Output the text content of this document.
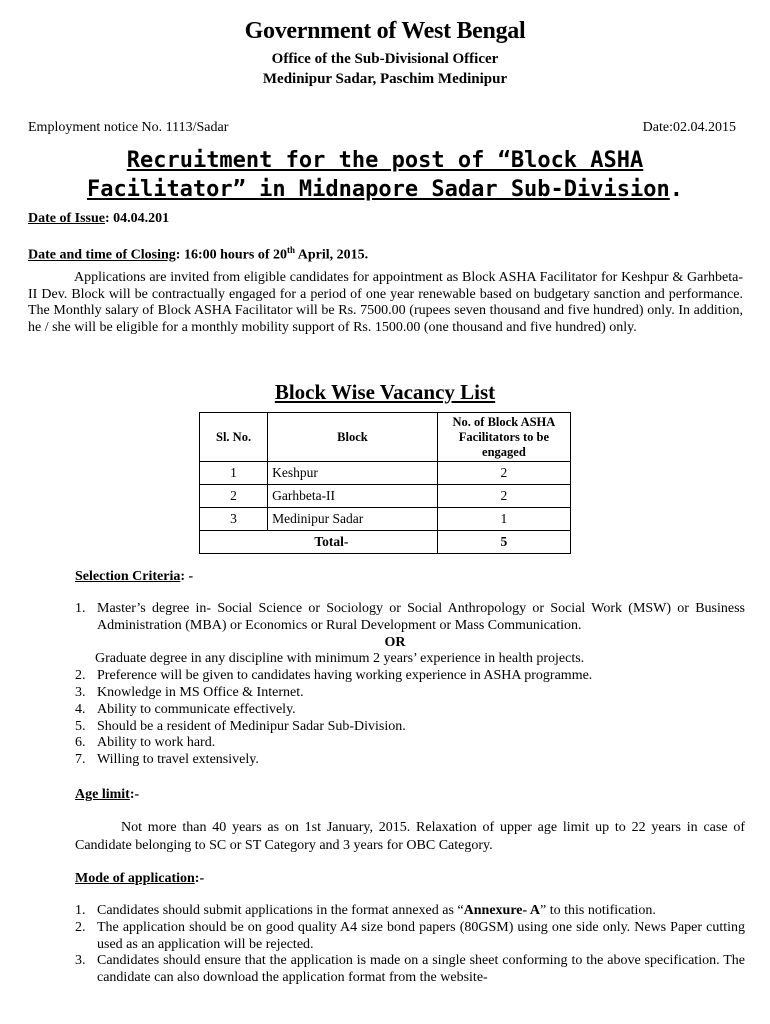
Government of West Bengal
Office of the Sub-Divisional Officer
Medinipur Sadar, Paschim Medinipur
Employment notice No. 1113/Sadar	Date:02.04.2015
Recruitment for the post of “Block ASHA
Facilitator” in Midnapore Sadar Sub-Division.
Date of Issue: 04.04.201
Date and time of Closing: 16:00 hours of 20th April, 2015.

Applications are invited from eligible candidates for appointment as Block ASHA Facilitator for Keshpur & Garhbeta-II Dev. Block will be contractually engaged for a period of one year renewable based on budgetary sanction and performance. The Monthly salary of Block ASHA Facilitator will be Rs. 7500.00 (rupees seven thousand and five hundred) only. In addition, he / she will be eligible for a monthly mobility support of Rs. 1500.00 (one thousand and five hundred) only.

Block Wise Vacancy List
Sl. No.	Block	No. of Block ASHA Facilitators to be engaged
1	Keshpur	2
2	Garhbeta-II	2
3	Medinipur Sadar	1
Total-		5
Selection Criteria: -
1. Master’s degree in- Social Science or Sociology or Social Anthropology or Social Work (MSW) or Business Administration (MBA) or Economics or Rural Development or Mass Communication.
OR
Graduate degree in any discipline with minimum 2 years’ experience in health projects.
2. Preference will be given to candidates having working experience in ASHA programme.
3. Knowledge in MS Office & Internet.
4. Ability to communicate effectively.
5. Should be a resident of Medinipur Sadar Sub-Division.
6. Ability to work hard.
7. Willing to travel extensively.
Age limit:-

Not more than 40 years as on 1st January, 2015. Relaxation of upper age limit up to 22 years in case of Candidate belonging to SC or ST Category and 3 years for OBC Category.

Mode of application:-
1. Candidates should submit applications in the format annexed as “Annexure- A” to this notification.
2. The application should be on good quality A4 size bond papers (80GSM) using one side only. News Paper cutting used as an application will be rejected.
3. Candidates should ensure that the application is made on a single sheet conforming to the above specification. The candidate can also download the application format from the website-
